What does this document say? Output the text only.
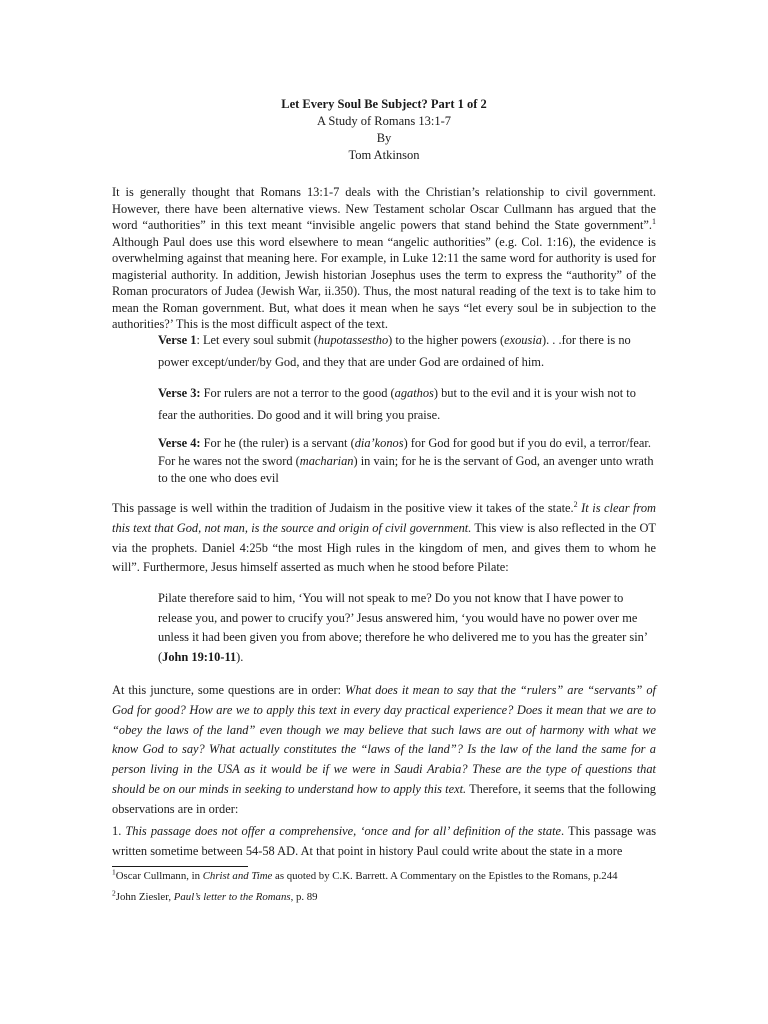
Let Every Soul Be Subject? Part 1 of 2
A Study of Romans 13:1-7
By
Tom Atkinson

It is generally thought that Romans 13:1-7 deals with the Christian’s relationship to civil government. However, there have been alternative views. New Testament scholar Oscar Cullmann has argued that the word “authorities” in this text meant “invisible angelic powers that stand behind the State government”.$^1$ Although Paul does use this word elsewhere to mean “angelic authorities” (e.g. Col. 1:16), the evidence is overwhelming against that meaning here. For example, in Luke 12:11 the same word for authority is used for magisterial authority. In addition, Jewish historian Josephus uses the term to express the “authority” of the Roman procurators of Judea (Jewish War, ii.350). Thus, the most natural reading of the text is to take him to mean the Roman government. But, what does it mean when he says “let every soul be in subjection to the authorities?’ This is the most difficult aspect of the text.

Verse 1: Let every soul submit (hupotassestho) to the higher powers (exousia). . .for there is no power except/under/by God, and they that are under God are ordained of him.

Verse 3: For rulers are not a terror to the good (agathos) but to the evil and it is your wish not to fear the authorities. Do good and it will bring you praise.

Verse 4: For he (the ruler) is a servant (dia’konos) for God for good but if you do evil, a terror/fear. For he wares not the sword (macharian) in vain; for he is the servant of God, an avenger unto wrath to the one who does evil

This passage is well within the tradition of Judaism in the positive view it takes of the state.$^2$ It is clear from this text that God, not man, is the source and origin of civil government. This view is also reflected in the OT via the prophets. Daniel 4:25b “the most High rules in the kingdom of men, and gives them to whom he will”. Furthermore, Jesus himself asserted as much when he stood before Pilate:

Pilate therefore said to him, ‘You will not speak to me? Do you not know that I have power to release you, and power to crucify you?’ Jesus answered him, ‘you would have no power over me unless it had been given you from above; therefore he who delivered me to you has the greater sin’ (John 19:10-11).

At this juncture, some questions are in order: What does it mean to say that the “rulers” are “servants” of God for good? How are we to apply this text in every day practical experience? Does it mean that we are to “obey the laws of the land” even though we may believe that such laws are out of harmony with what we know God to say? What actually constitutes the “laws of the land”? Is the law of the land the same for a person living in the USA as it would be if we were in Saudi Arabia? These are the type of questions that should be on our minds in seeking to understand how to apply this text. Therefore, it seems that the following observations are in order:

1. This passage does not offer a comprehensive, ‘once and for all’ definition of the state. This passage was written sometime between 54-58 AD. At that point in history Paul could write about the state in a more

$^1$Oscar Cullmann, in Christ and Time as quoted by C.K. Barrett. A Commentary on the Epistles to the Romans, p.244
$^2$John Ziesler, Paul’s letter to the Romans, p. 89
